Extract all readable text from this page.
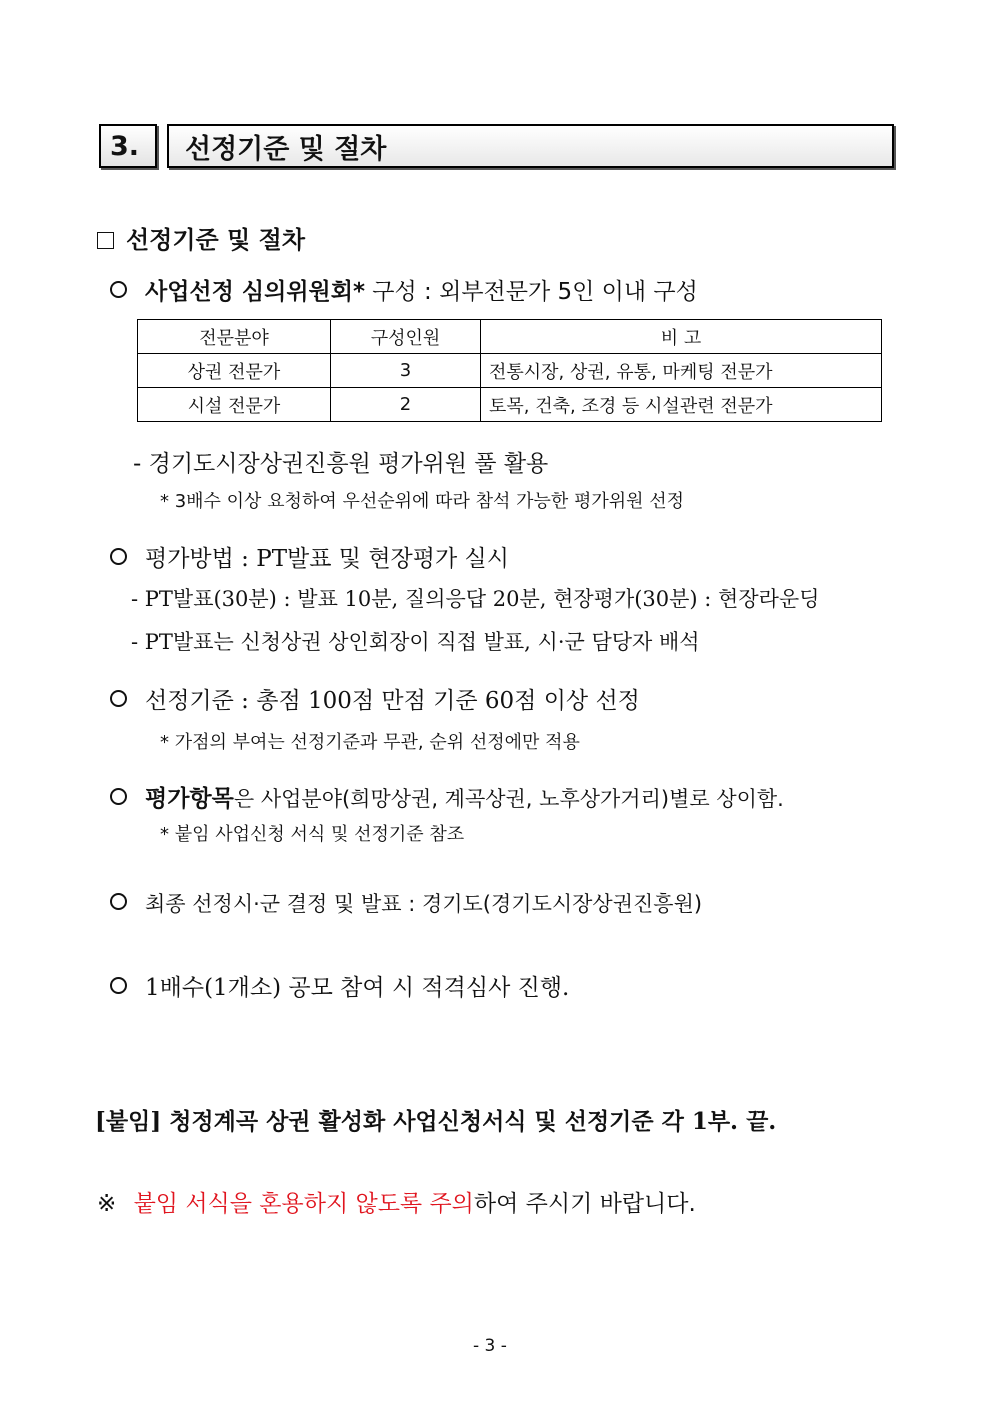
3.	선정기준 및 절차
선정기준 및 절차
사업선정 심의위원회* 구성 : 외부전문가 5인 이내 구성
전문분야	구성인원	비 고
상권 전문가	3	전통시장, 상권, 유통, 마케팅 전문가
시설 전문가	2	토목, 건축, 조경 등 시설관련 전문가
- 경기도시장상권진흥원 평가위원 풀 활용
* 3배수 이상 요청하여 우선순위에 따라 참석 가능한 평가위원 선정
평가방법 : PT발표 및 현장평가 실시
- PT발표(30분) : 발표 10분, 질의응답 20분, 현장평가(30분) : 현장라운딩
- PT발표는 신청상권 상인회장이 직접 발표, 시·군 담당자 배석
선정기준 : 총점 100점 만점 기준 60점 이상 선정
* 가점의 부여는 선정기준과 무관, 순위 선정에만 적용
평가항목은 사업분야(희망상권, 계곡상권, 노후상가거리)별로 상이함.
* 붙임 사업신청 서식 및 선정기준 참조
최종 선정시·군 결정 및 발표 : 경기도(경기도시장상권진흥원)
1배수(1개소) 공모 참여 시 적격심사 진행.
[붙임] 청정계곡 상권 활성화 사업신청서식 및 선정기준 각 1부. 끝.
※ 붙임 서식을 혼용하지 않도록 주의하여 주시기 바랍니다.
- 3 -
